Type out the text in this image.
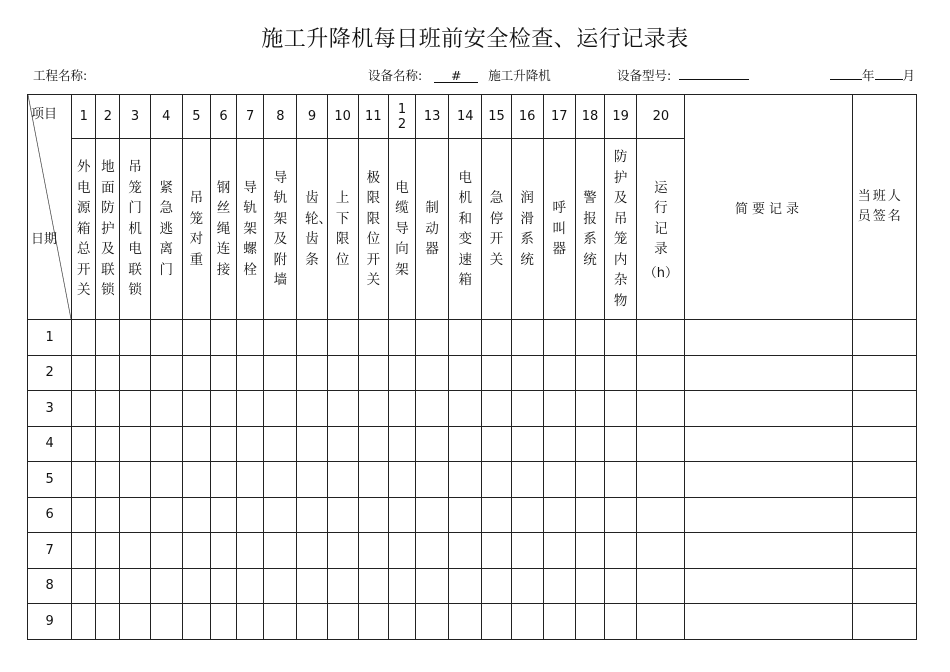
施工升降机每日班前安全检查、运行记录表
工程名称:	设备名称: # 施工升降机	设备型号:	年 月
项目
日期	1	2	3	4	5	6	7	8	9	10	11	12	13	14	15	16	17	18	19	20	简要记录	当班人员签名
	外电源箱总开关	地面防护及联锁	吊笼门机电联锁	紧急逃离门	吊笼对重	钢丝绳连接	导轨架螺栓	导轨架及附墙	齿轮、齿条	上下限位	极限限位开关	电缆导向架	制动器	电机和变速箱	急停开关	润滑系统	呼叫器	警报系统	防护及吊笼内杂物	运行记录
（h）		

1																						
2																						
3																						
4																						
5																						
6																						
7																						
8																						
9																						
